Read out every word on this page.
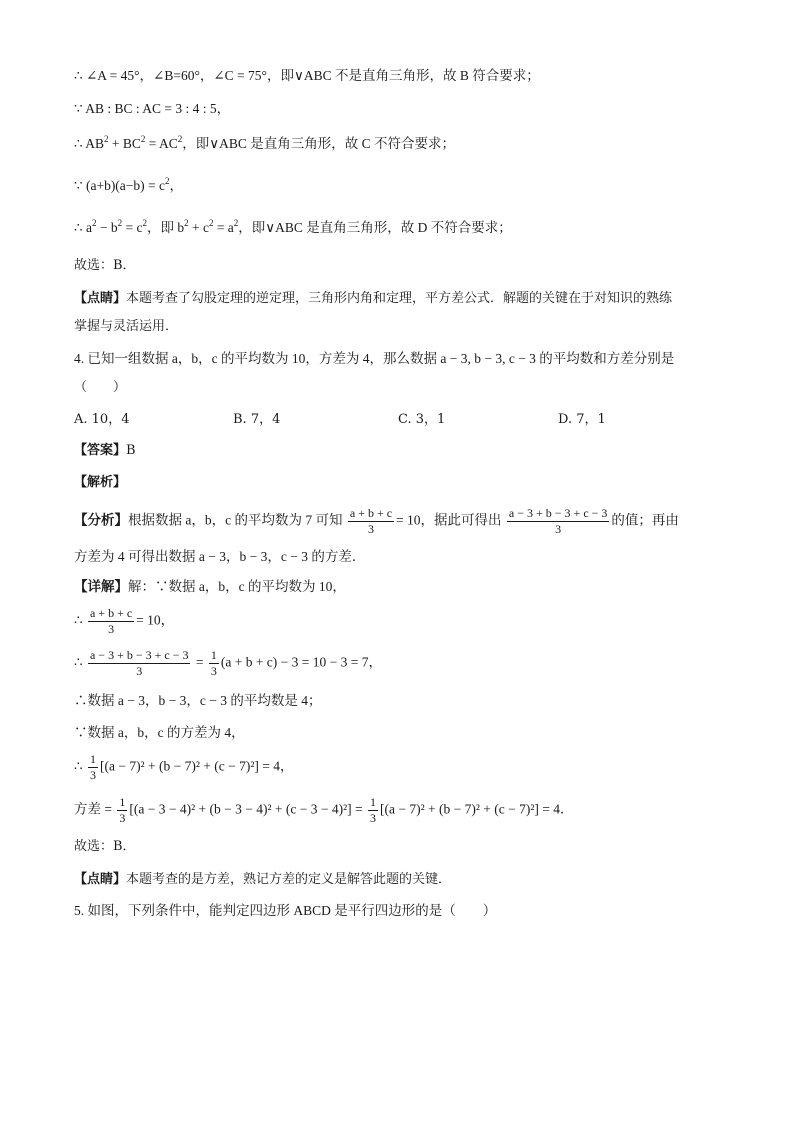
∴ ∠A = 45°，∠B=60°，∠C = 75°，即∨ABC 不是直角三角形，故 B 符合要求；
∵ AB : BC : AC = 3 : 4 : 5，
∴ $AB^2 + BC^2 = AC^2$，即∨ABC 是直角三角形，故 C 不符合要求；
∵ $(a+b)(a-b) = c^2$，
∴ $a^2 - b^2 = c^2$，即 $b^2 + c^2 = a^2$，即∨ABC 是直角三角形，故 D 不符合要求；
故选：B．
【点睛】本题考查了勾股定理的逆定理，三角形内角和定理，平方差公式．解题的关键在于对知识的熟练
掌握与灵活运用．
4. 已知一组数据 a，b，c 的平均数为 10，方差为 4，那么数据 a − 3, b − 3, c − 3 的平均数和方差分别是
（　　）
A. 10，4	B. 7，4	C. 3，1	D. 7，1
【答案】B
【解析】
【分析】根据数据 a，b，c 的平均数为 7 可知 $\frac{a + b + c}{3} = 10$，据此可得出 $\frac{a - 3 + b - 3 + c - 3}{3}$ 的值；再由
方差为 4 可得出数据 a − 3，b − 3，c − 3 的方差．
【详解】解：∵数据 a，b，c 的平均数为 10，
∴ $\frac{a + b + c}{3} = 10$，
∴ $\frac{a - 3 + b - 3 + c - 3}{3} = \frac{1}{3} (a + b + c) - 3 = 10 - 3 = 7$，
∴数据 a − 3，b − 3，c − 3 的平均数是 4；
∵数据 a，b，c 的方差为 4，
∴ $\frac{1}{3} [(a - 7)^2 + (b - 7)^2 + (c - 7)^2] = 4$，
方差 = $\frac{1}{3} [(a - 3 - 4)^2 + (b - 3 - 4)^2 + (c - 3 - 4)^2] = \frac{1}{3} [(a - 7)^2 + (b - 7)^2 + (c - 7)^2] = 4$．
故选：B．
【点睛】本题考查的是方差，熟记方差的定义是解答此题的关键．
5. 如图，下列条件中，能判定四边形 ABCD 是平行四边形的是（　　）
